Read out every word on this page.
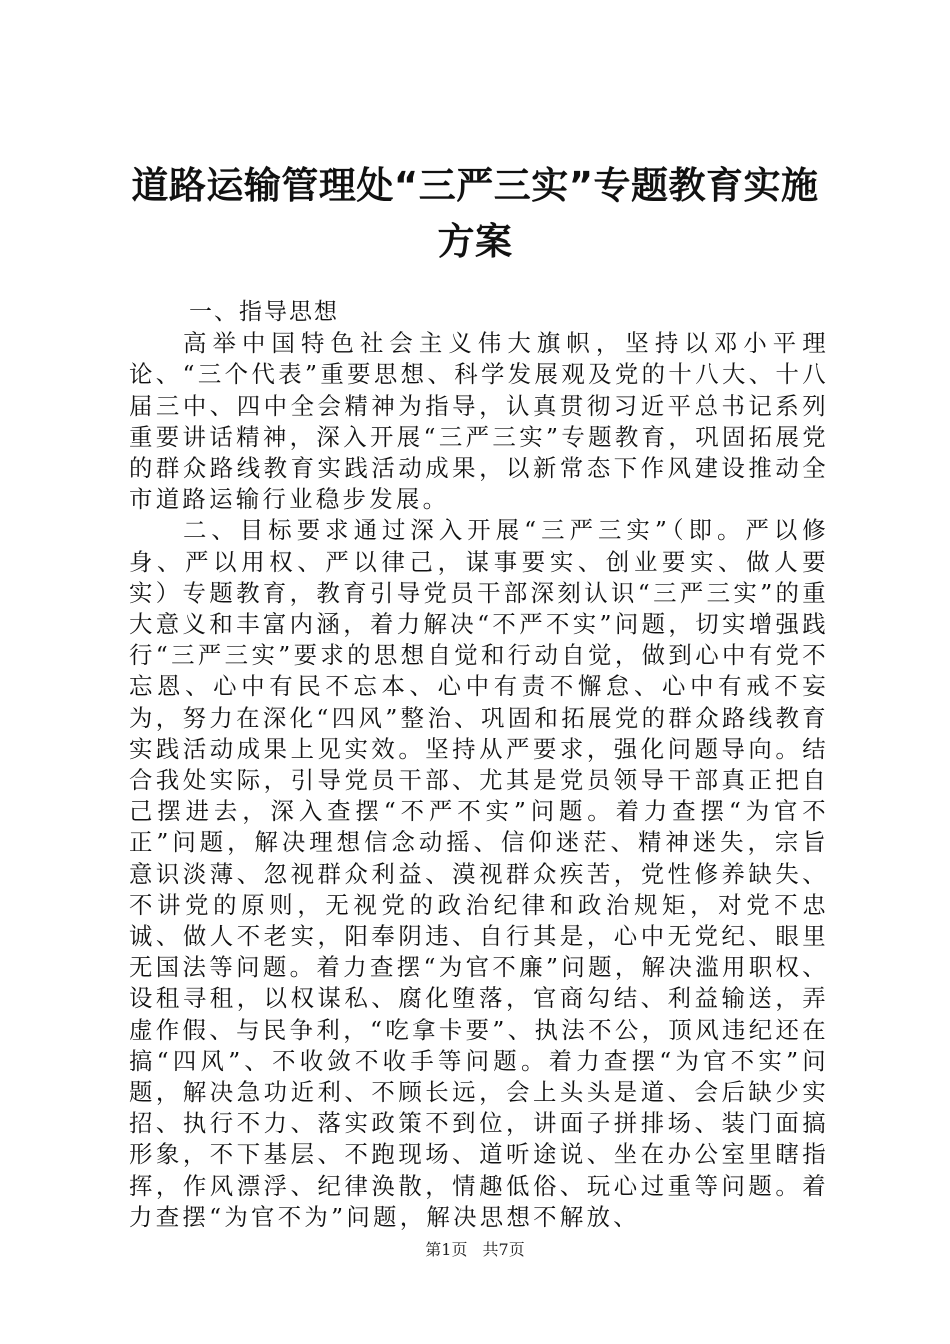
道路运输管理处“三严三实”专题教育实施方案

一、指导思想

高举中国特色社会主义伟大旗帜，坚持以邓小平理论、“三个代表”重要思想、科学发展观及党的十八大、十八届三中、四中全会精神为指导，认真贯彻习近平总书记系列重要讲话精神，深入开展“三严三实”专题教育，巩固拓展党的群众路线教育实践活动成果，以新常态下作风建设推动全市道路运输行业稳步发展。

二、目标要求通过深入开展“三严三实”（即。严以修身、严以用权、严以律己，谋事要实、创业要实、做人要实）专题教育，教育引导党员干部深刻认识“三严三实”的重大意义和丰富内涵，着力解决“不严不实”问题，切实增强践行“三严三实”要求的思想自觉和行动自觉，做到心中有党不忘恩、心中有民不忘本、心中有责不懈怠、心中有戒不妄为，努力在深化“四风”整治、巩固和拓展党的群众路线教育实践活动成果上见实效。坚持从严要求，强化问题导向。结合我处实际，引导党员干部、尤其是党员领导干部真正把自己摆进去，深入查摆“不严不实”问题。着力查摆“为官不正”问题，解决理想信念动摇、信仰迷茫、精神迷失，宗旨意识淡薄、忽视群众利益、漠视群众疾苦，党性修养缺失、不讲党的原则，无视党的政治纪律和政治规矩，对党不忠诚、做人不老实，阳奉阴违、自行其是，心中无党纪、眼里无国法等问题。着力查摆“为官不廉”问题，解决滥用职权、设租寻租，以权谋私、腐化堕落，官商勾结、利益输送，弄虚作假、与民争利，“吃拿卡要”、执法不公，顶风违纪还在搞“四风”、不收敛不收手等问题。着力查摆“为官不实”问题，解决急功近利、不顾长远，会上头头是道、会后缺少实招、执行不力、落实政策不到位，讲面子拼排场、装门面搞形象，不下基层、不跑现场、道听途说、坐在办公室里瞎指挥，作风漂浮、纪律涣散，情趣低俗、玩心过重等问题。着力查摆“为官不为”问题，解决思想不解放、

第1页 共7页
